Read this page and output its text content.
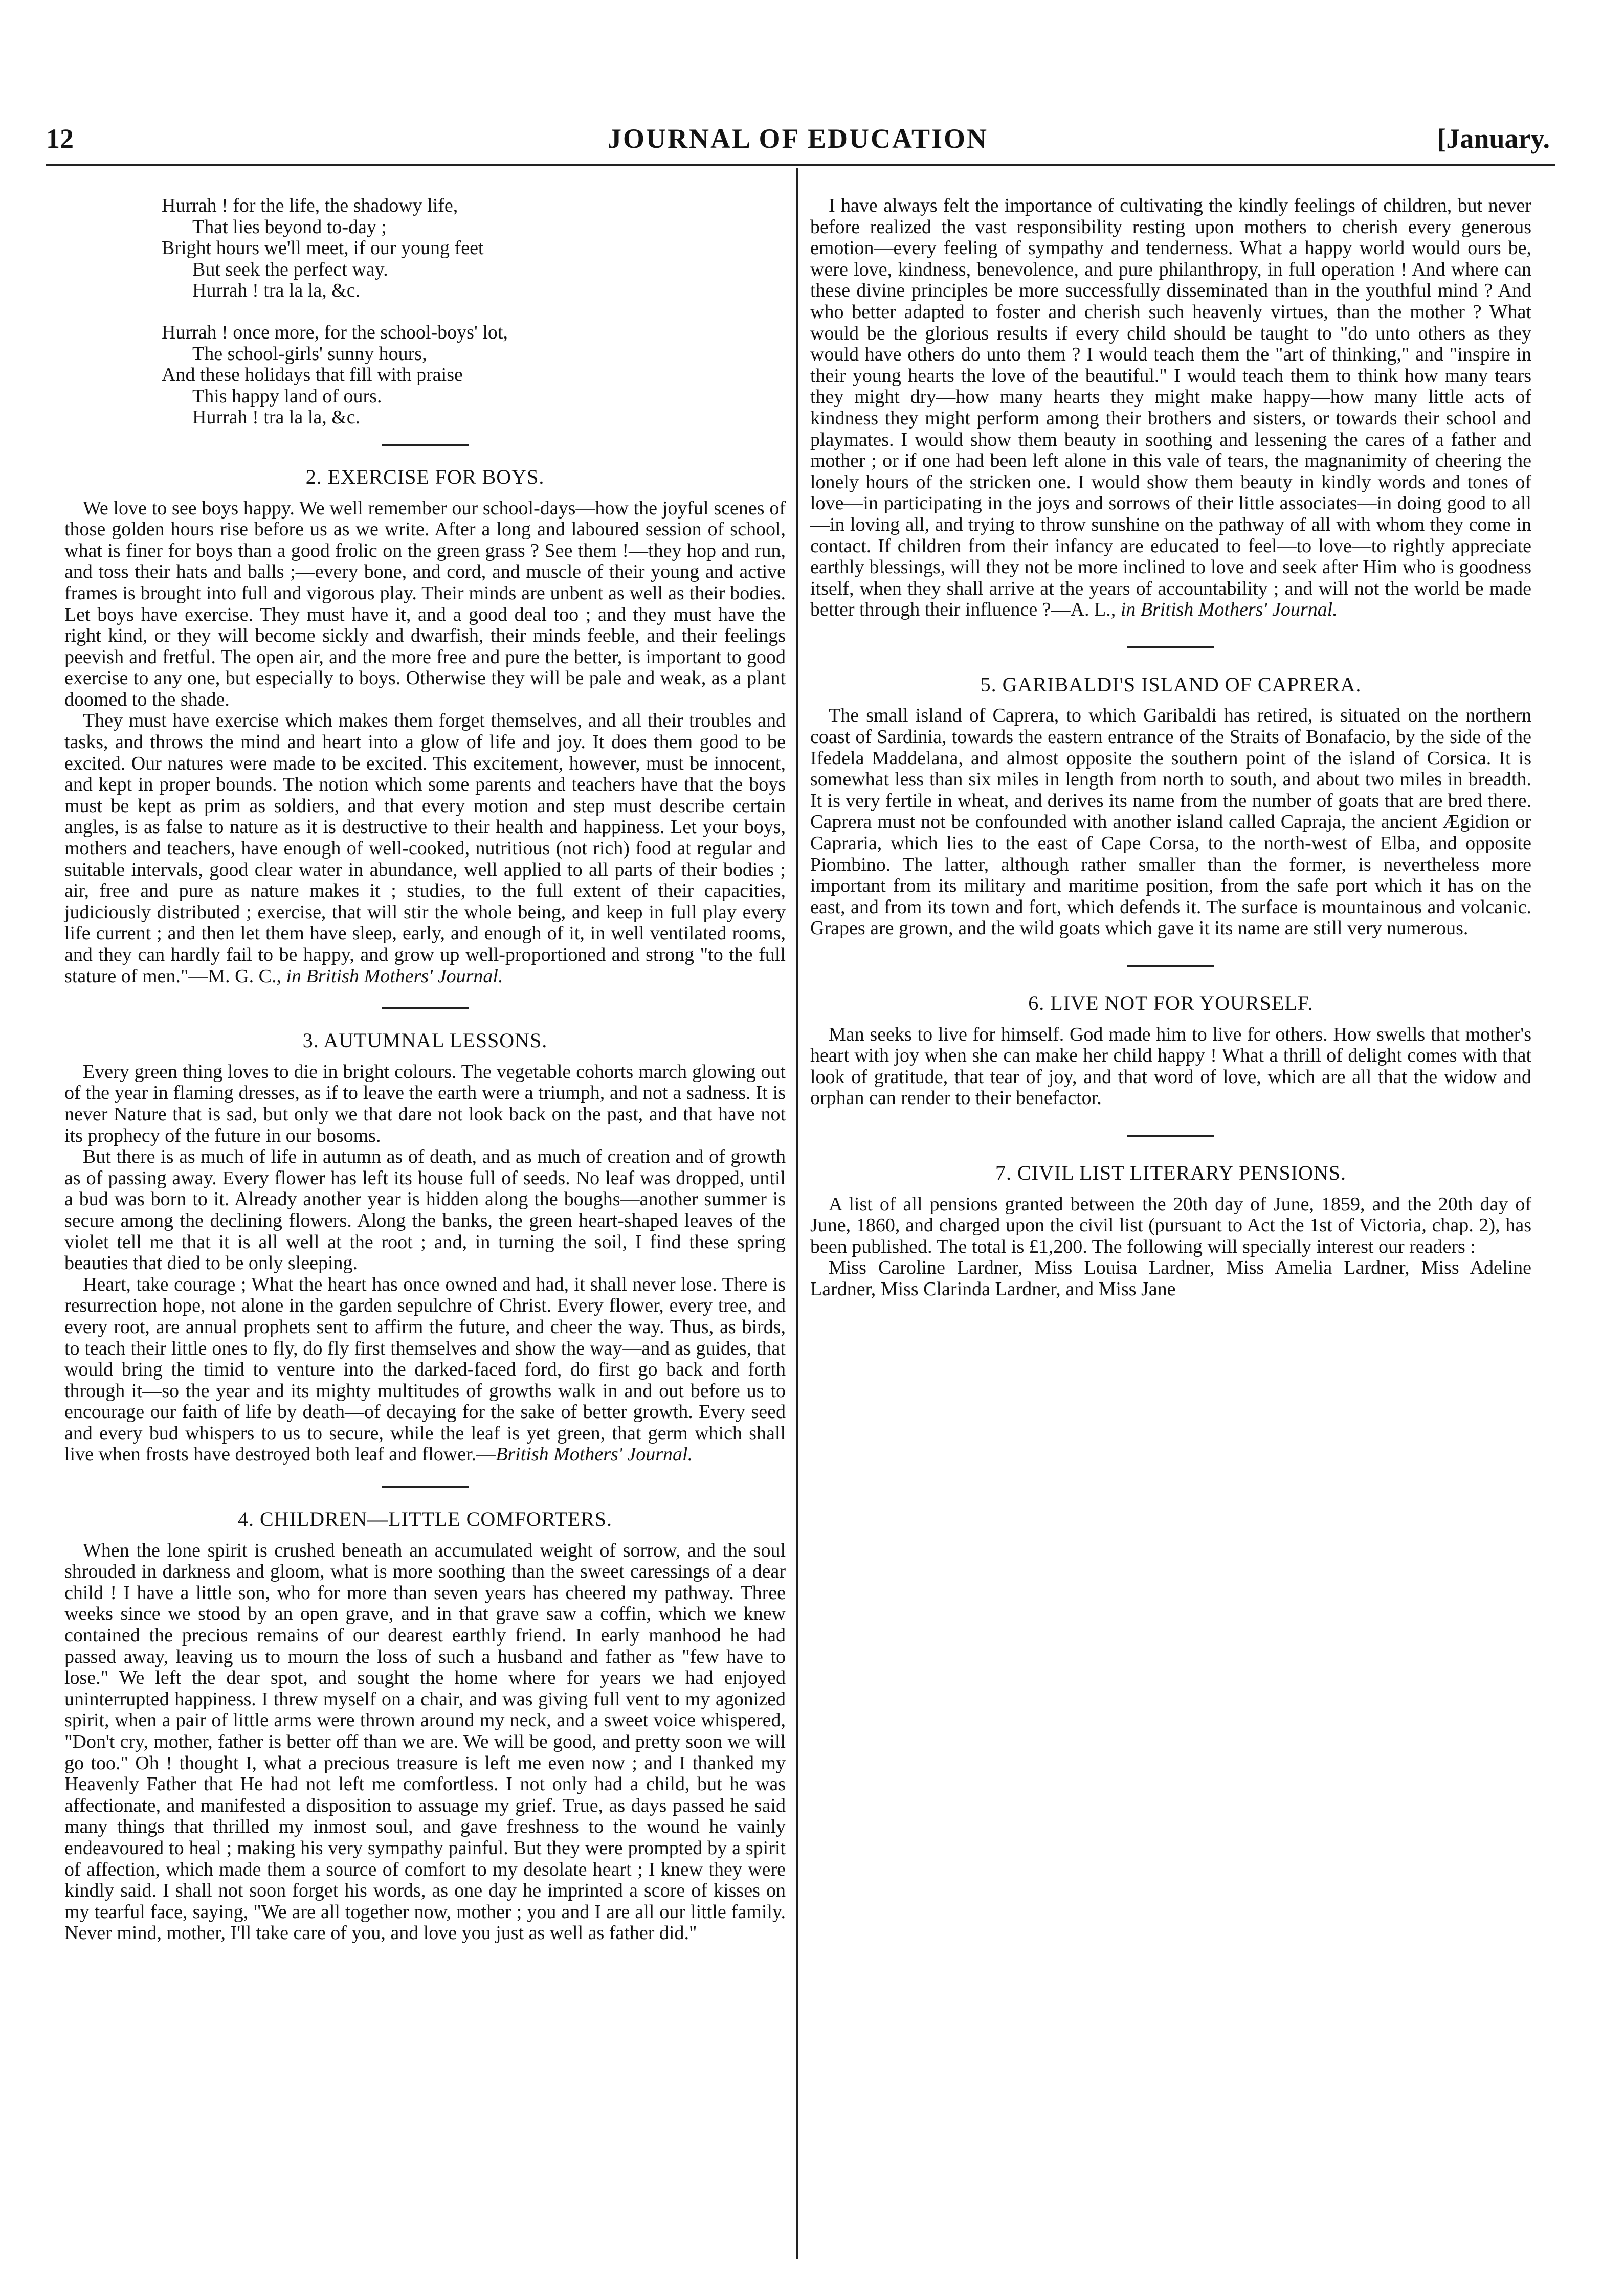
12	JOURNAL OF EDUCATION	[January.
Hurrah ! for the life, the shadowy life,
That lies beyond to-day ;
Bright hours we'll meet, if our young feet
But seek the perfect way.
Hurrah ! tra la la, &c.
Hurrah ! once more, for the school-boys' lot,
The school-girls' sunny hours,
And these holidays that fill with praise
This happy land of ours.
Hurrah ! tra la la, &c.
2. EXERCISE FOR BOYS.

We love to see boys happy. We well remember our school-days—how the joyful scenes of those golden hours rise before us as we write. After a long and laboured session of school, what is finer for boys than a good frolic on the green grass ? See them !—they hop and run, and toss their hats and balls ;—every bone, and cord, and muscle of their young and active frames is brought into full and vigorous play. Their minds are unbent as well as their bodies. Let boys have exercise. They must have it, and a good deal too ; and they must have the right kind, or they will become sickly and dwarfish, their minds feeble, and their feelings peevish and fretful. The open air, and the more free and pure the better, is important to good exercise to any one, but especially to boys. Otherwise they will be pale and weak, as a plant doomed to the shade.

They must have exercise which makes them forget themselves, and all their troubles and tasks, and throws the mind and heart into a glow of life and joy. It does them good to be excited. Our natures were made to be excited. This excitement, however, must be innocent, and kept in proper bounds. The notion which some parents and teachers have that the boys must be kept as prim as soldiers, and that every motion and step must describe certain angles, is as false to nature as it is destructive to their health and happiness. Let your boys, mothers and teachers, have enough of well-cooked, nutritious (not rich) food at regular and suitable intervals, good clear water in abundance, well applied to all parts of their bodies ; air, free and pure as nature makes it ; studies, to the full extent of their capacities, judiciously distributed ; exercise, that will stir the whole being, and keep in full play every life current ; and then let them have sleep, early, and enough of it, in well ventilated rooms, and they can hardly fail to be happy, and grow up well-proportioned and strong "to the full stature of men."—M. G. C., in British Mothers' Journal.

3. AUTUMNAL LESSONS.

Every green thing loves to die in bright colours. The vegetable cohorts march glowing out of the year in flaming dresses, as if to leave the earth were a triumph, and not a sadness. It is never Nature that is sad, but only we that dare not look back on the past, and that have not its prophecy of the future in our bosoms.

But there is as much of life in autumn as of death, and as much of creation and of growth as of passing away. Every flower has left its house full of seeds. No leaf was dropped, until a bud was born to it. Already another year is hidden along the boughs—another summer is secure among the declining flowers. Along the banks, the green heart-shaped leaves of the violet tell me that it is all well at the root ; and, in turning the soil, I find these spring beauties that died to be only sleeping.

Heart, take courage ; What the heart has once owned and had, it shall never lose. There is resurrection hope, not alone in the garden sepulchre of Christ. Every flower, every tree, and every root, are annual prophets sent to affirm the future, and cheer the way. Thus, as birds, to teach their little ones to fly, do fly first themselves and show the way—and as guides, that would bring the timid to venture into the darked-faced ford, do first go back and forth through it—so the year and its mighty multitudes of growths walk in and out before us to encourage our faith of life by death—of decaying for the sake of better growth. Every seed and every bud whispers to us to secure, while the leaf is yet green, that germ which shall live when frosts have destroyed both leaf and flower.—British Mothers' Journal.

4. CHILDREN—LITTLE COMFORTERS.

When the lone spirit is crushed beneath an accumulated weight of sorrow, and the soul shrouded in darkness and gloom, what is more soothing than the sweet caressings of a dear child ! I have a little son, who for more than seven years has cheered my pathway. Three weeks since we stood by an open grave, and in that grave saw a coffin, which we knew contained the precious remains of our dearest earthly friend. In early manhood he had passed away, leaving us to mourn the loss of such a husband and father as "few have to lose." We left the dear spot, and sought the home where for years we had enjoyed uninterrupted happiness. I threw myself on a chair, and was giving full vent to my agonized spirit, when a pair of little arms were thrown around my neck, and a sweet voice whispered, "Don't cry, mother, father is better off than we are. We will be good, and pretty soon we will go too." Oh ! thought I, what a precious treasure is left me even now ; and I thanked my Heavenly Father that He had not left me comfortless. I not only had a child, but he was affectionate, and manifested a disposition to assuage my grief. True, as days passed he said many things that thrilled my inmost soul, and gave freshness to the wound he vainly endeavoured to heal ; making his very sympathy painful. But they were prompted by a spirit of affection, which made them a source of comfort to my desolate heart ; I knew they were kindly said. I shall not soon forget his words, as one day he imprinted a score of kisses on my tearful face, saying, "We are all together now, mother ; you and I are all our little family. Never mind, mother, I'll take care of you, and love you just as well as father did."

I have always felt the importance of cultivating the kindly feelings of children, but never before realized the vast responsibility resting upon mothers to cherish every generous emotion—every feeling of sympathy and tenderness. What a happy world would ours be, were love, kindness, benevolence, and pure philanthropy, in full operation ! And where can these divine principles be more successfully disseminated than in the youthful mind ? And who better adapted to foster and cherish such heavenly virtues, than the mother ? What would be the glorious results if every child should be taught to "do unto others as they would have others do unto them ? I would teach them the "art of thinking," and "inspire in their young hearts the love of the beautiful." I would teach them to think how many tears they might dry—how many hearts they might make happy—how many little acts of kindness they might perform among their brothers and sisters, or towards their school and playmates. I would show them beauty in soothing and lessening the cares of a father and mother ; or if one had been left alone in this vale of tears, the magnanimity of cheering the lonely hours of the stricken one. I would show them beauty in kindly words and tones of love—in participating in the joys and sorrows of their little associates—in doing good to all—in loving all, and trying to throw sunshine on the pathway of all with whom they come in contact. If children from their infancy are educated to feel—to love—to rightly appreciate earthly blessings, will they not be more inclined to love and seek after Him who is goodness itself, when they shall arrive at the years of accountability ; and will not the world be made better through their influence ?—A. L., in British Mothers' Journal.

5. GARIBALDI'S ISLAND OF CAPRERA.

The small island of Caprera, to which Garibaldi has retired, is situated on the northern coast of Sardinia, towards the eastern entrance of the Straits of Bonafacio, by the side of the Ifedela Maddelana, and almost opposite the southern point of the island of Corsica. It is somewhat less than six miles in length from north to south, and about two miles in breadth. It is very fertile in wheat, and derives its name from the number of goats that are bred there. Caprera must not be confounded with another island called Capraja, the ancient Ægidion or Capraria, which lies to the east of Cape Corsa, to the north-west of Elba, and opposite Piombino. The latter, although rather smaller than the former, is nevertheless more important from its military and maritime position, from the safe port which it has on the east, and from its town and fort, which defends it. The surface is mountainous and volcanic. Grapes are grown, and the wild goats which gave it its name are still very numerous.

6. LIVE NOT FOR YOURSELF.

Man seeks to live for himself. God made him to live for others. How swells that mother's heart with joy when she can make her child happy ! What a thrill of delight comes with that look of gratitude, that tear of joy, and that word of love, which are all that the widow and orphan can render to their benefactor.

7. CIVIL LIST LITERARY PENSIONS.

A list of all pensions granted between the 20th day of June, 1859, and the 20th day of June, 1860, and charged upon the civil list (pursuant to Act the 1st of Victoria, chap. 2), has been published. The total is £1,200. The following will specially interest our readers :

Miss Caroline Lardner, Miss Louisa Lardner, Miss Amelia Lardner, Miss Adeline Lardner, Miss Clarinda Lardner, and Miss Jane
